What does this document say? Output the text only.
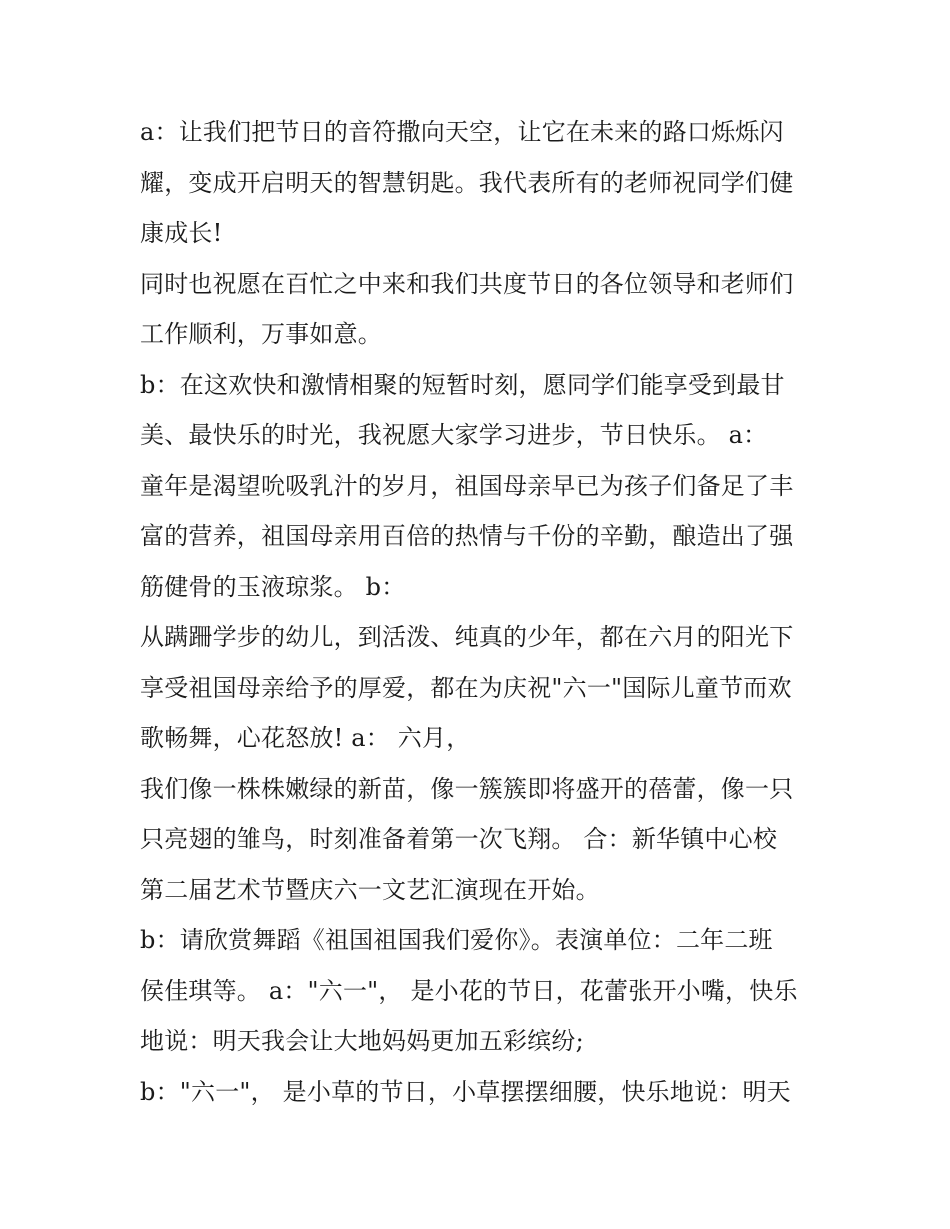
a：让我们把节日的音符撒向天空，让它在未来的路口烁烁闪
耀，变成开启明天的智慧钥匙。我代表所有的老师祝同学们健
康成长!
同时也祝愿在百忙之中来和我们共度节日的各位领导和老师们
工作顺利，万事如意。
b：在这欢快和激情相聚的短暂时刻，愿同学们能享受到最甘
美、最快乐的时光，我祝愿大家学习进步，节日快乐。 a：
童年是渴望吮吸乳汁的岁月，祖国母亲早已为孩子们备足了丰
富的营养，祖国母亲用百倍的热情与千份的辛勤，酿造出了强
筋健骨的玉液琼浆。 b：
从蹒跚学步的幼儿，到活泼、纯真的少年，都在六月的阳光下
享受祖国母亲给予的厚爱，都在为庆祝"六一"国际儿童节而欢
歌畅舞，心花怒放! a： 六月，
我们像一株株嫩绿的新苗，像一簇簇即将盛开的蓓蕾，像一只
只亮翅的雏鸟，时刻准备着第一次飞翔。 合：新华镇中心校
第二届艺术节暨庆六一文艺汇演现在开始。
b：请欣赏舞蹈《祖国祖国我们爱你》。表演单位：二年二班
侯佳琪等。 a："六一"， 是小花的节日，花蕾张开小嘴，快乐
地说：明天我会让大地妈妈更加五彩缤纷;
b："六一"， 是小草的节日，小草摆摆细腰，快乐地说：明天
